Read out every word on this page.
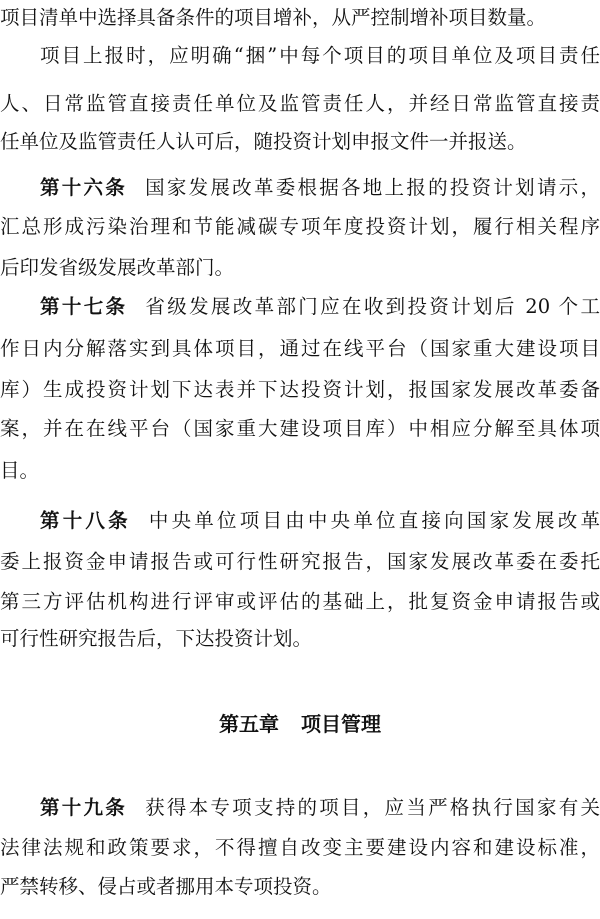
项目清单中选择具备条件的项目增补，从严控制增补项目数量。
项目上报时，应明确“捆”中每个项目的项目单位及项目责任
人、日常监管直接责任单位及监管责任人，并经日常监管直接责
任单位及监管责任人认可后，随投资计划申报文件一并报送。
第十六条 国家发展改革委根据各地上报的投资计划请示，
汇总形成污染治理和节能减碳专项年度投资计划，履行相关程序
后印发省级发展改革部门。
第十七条 省级发展改革部门应在收到投资计划后 20 个工
作日内分解落实到具体项目，通过在线平台（国家重大建设项目
库）生成投资计划下达表并下达投资计划，报国家发展改革委备
案，并在在线平台（国家重大建设项目库）中相应分解至具体项
目。
第十八条 中央单位项目由中央单位直接向国家发展改革
委上报资金申请报告或可行性研究报告，国家发展改革委在委托
第三方评估机构进行评审或评估的基础上，批复资金申请报告或
可行性研究报告后，下达投资计划。
第五章 项目管理
第十九条 获得本专项支持的项目，应当严格执行国家有关
法律法规和政策要求，不得擅自改变主要建设内容和建设标准，
严禁转移、侵占或者挪用本专项投资。
